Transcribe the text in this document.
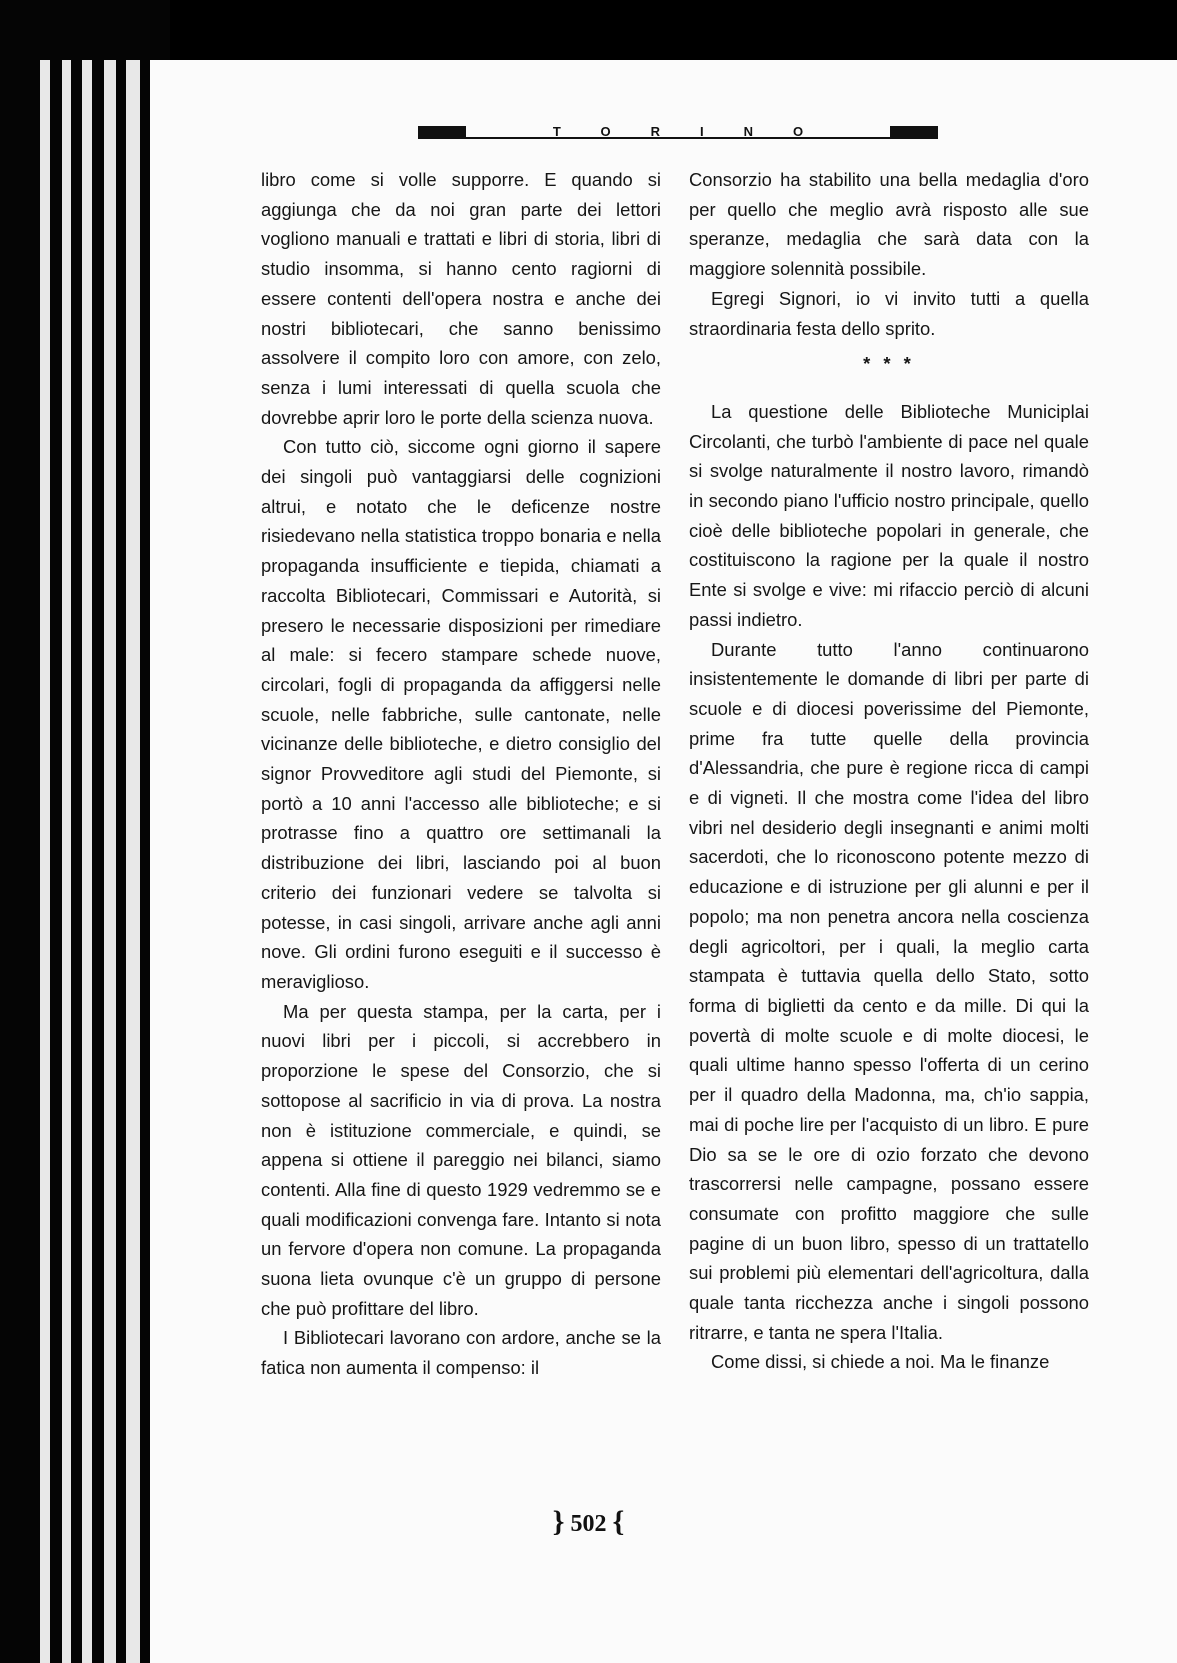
TORINO

libro come si volle supporre. E quando si aggiunga che da noi gran parte dei lettori vogliono manuali e trattati e libri di storia, libri di studio insomma, si hanno cento ragiorni di essere contenti dell'opera nostra e anche dei nostri bibliotecari, che sanno benissimo assolvere il compito loro con amore, con zelo, senza i lumi interessati di quella scuola che dovrebbe aprir loro le porte della scienza nuova.

Con tutto ciò, siccome ogni giorno il sapere dei singoli può vantaggiarsi delle cognizioni altrui, e notato che le deficenze nostre risiedevano nella statistica troppo bonaria e nella propaganda insufficiente e tiepida, chiamati a raccolta Bibliotecari, Commissari e Autorità, si presero le necessarie disposizioni per rimediare al male: si fecero stampare schede nuove, circolari, fogli di propaganda da affiggersi nelle scuole, nelle fabbriche, sulle cantonate, nelle vicinanze delle biblioteche, e dietro consiglio del signor Provveditore agli studi del Piemonte, si portò a 10 anni l'accesso alle biblioteche; e si protrasse fino a quattro ore settimanali la distribuzione dei libri, lasciando poi al buon criterio dei funzionari vedere se talvolta si potesse, in casi singoli, arrivare anche agli anni nove. Gli ordini furono eseguiti e il successo è meraviglioso.

Ma per questa stampa, per la carta, per i nuovi libri per i piccoli, si accrebbero in proporzione le spese del Consorzio, che si sottopose al sacrificio in via di prova. La nostra non è istituzione commerciale, e quindi, se appena si ottiene il pareggio nei bilanci, siamo contenti. Alla fine di questo 1929 vedremmo se e quali modificazioni convenga fare. Intanto si nota un fervore d'opera non comune. La propaganda suona lieta ovunque c'è un gruppo di persone che può profittare del libro.

I Bibliotecari lavorano con ardore, anche se la fatica non aumenta il compenso: il

Consorzio ha stabilito una bella medaglia d'oro per quello che meglio avrà risposto alle sue speranze, medaglia che sarà data con la maggiore solennità possibile.

Egregi Signori, io vi invito tutti a quella straordinaria festa dello sprito.

* * *

La questione delle Biblioteche Municiplai Circolanti, che turbò l'ambiente di pace nel quale si svolge naturalmente il nostro lavoro, rimandò in secondo piano l'ufficio nostro principale, quello cioè delle biblioteche popolari in generale, che costituiscono la ragione per la quale il nostro Ente si svolge e vive: mi rifaccio perciò di alcuni passi indietro.

Durante tutto l'anno continuarono insistentemente le domande di libri per parte di scuole e di diocesi poverissime del Piemonte, prime fra tutte quelle della provincia d'Alessandria, che pure è regione ricca di campi e di vigneti. Il che mostra come l'idea del libro vibri nel desiderio degli insegnanti e animi molti sacerdoti, che lo riconoscono potente mezzo di educazione e di istruzione per gli alunni e per il popolo; ma non penetra ancora nella coscienza degli agricoltori, per i quali, la meglio carta stampata è tuttavia quella dello Stato, sotto forma di biglietti da cento e da mille. Di qui la povertà di molte scuole e di molte diocesi, le quali ultime hanno spesso l'offerta di un cerino per il quadro della Madonna, ma, ch'io sappia, mai di poche lire per l'acquisto di un libro. E pure Dio sa se le ore di ozio forzato che devono trascorrersi nelle campagne, possano essere consumate con profitto maggiore che sulle pagine di un buon libro, spesso di un trattatello sui problemi più elementari dell'agricoltura, dalla quale tanta ricchezza anche i singoli possono ritrarre, e tanta ne spera l'Italia.

Come dissi, si chiede a noi. Ma le finanze

} 502 {
